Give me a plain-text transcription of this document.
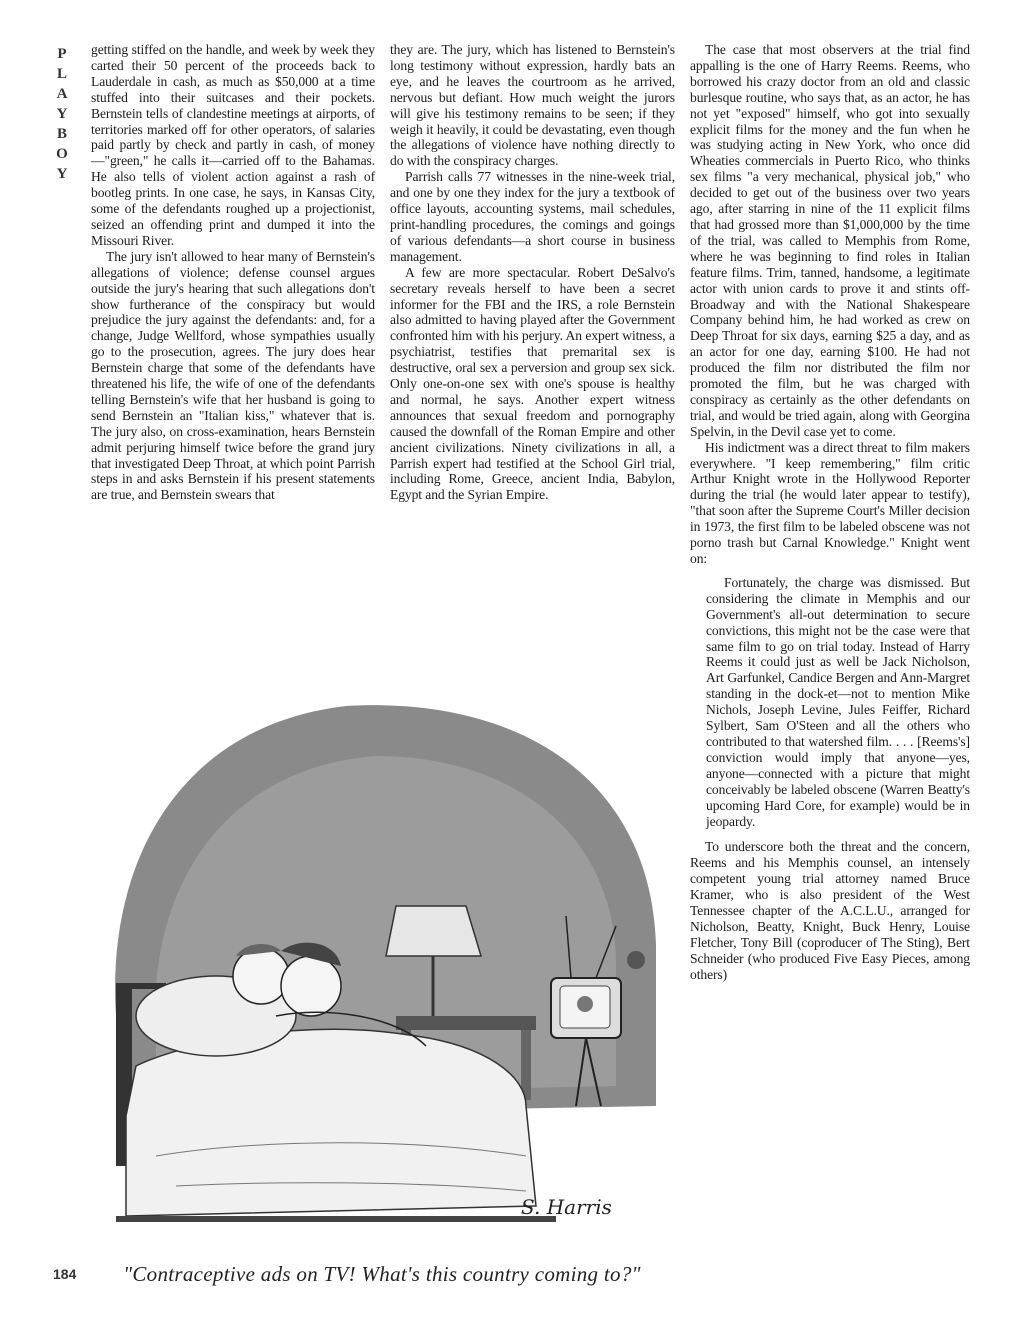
P
L
A
Y
B
O
Y

getting stiffed on the handle, and week by week they carted their 50 percent of the proceeds back to Lauderdale in cash, as much as $50,000 at a time stuffed into their suitcases and their pockets. Bernstein tells of clandestine meetings at airports, of territories marked off for other operators, of salaries paid partly by check and partly in cash, of money—"green," he calls it—carried off to the Bahamas. He also tells of violent action against a rash of bootleg prints. In one case, he says, in Kansas City, some of the defendants roughed up a projectionist, seized an offending print and dumped it into the Missouri River.

The jury isn't allowed to hear many of Bernstein's allegations of violence; defense counsel argues outside the jury's hearing that such allegations don't show furtherance of the conspiracy but would prejudice the jury against the defendants: and, for a change, Judge Wellford, whose sympathies usually go to the prosecution, agrees. The jury does hear Bernstein charge that some of the defendants have threatened his life, the wife of one of the defendants telling Bernstein's wife that her husband is going to send Bernstein an "Italian kiss," whatever that is. The jury also, on cross-examination, hears Bernstein admit perjuring himself twice before the grand jury that investigated Deep Throat, at which point Parrish steps in and asks Bernstein if his present statements are true, and Bernstein swears that

they are. The jury, which has listened to Bernstein's long testimony without expression, hardly bats an eye, and he leaves the courtroom as he arrived, nervous but defiant. How much weight the jurors will give his testimony remains to be seen; if they weigh it heavily, it could be devastating, even though the allegations of violence have nothing directly to do with the conspiracy charges.

Parrish calls 77 witnesses in the nine-week trial, and one by one they index for the jury a textbook of office layouts, accounting systems, mail schedules, print-handling procedures, the comings and goings of various defendants—a short course in business management.

A few are more spectacular. Robert DeSalvo's secretary reveals herself to have been a secret informer for the FBI and the IRS, a role Bernstein also admitted to having played after the Government confronted him with his perjury. An expert witness, a psychiatrist, testifies that premarital sex is destructive, oral sex a perversion and group sex sick. Only one-on-one sex with one's spouse is healthy and normal, he says. Another expert witness announces that sexual freedom and pornography caused the downfall of the Roman Empire and other ancient civilizations. Ninety civilizations in all, a Parrish expert had testified at the School Girl trial, including Rome, Greece, ancient India, Babylon, Egypt and the Syrian Empire.

The case that most observers at the trial find appalling is the one of Harry Reems. Reems, who borrowed his crazy doctor from an old and classic burlesque routine, who says that, as an actor, he has not yet "exposed" himself, who got into sexually explicit films for the money and the fun when he was studying acting in New York, who once did Wheaties commercials in Puerto Rico, who thinks sex films "a very mechanical, physical job," who decided to get out of the business over two years ago, after starring in nine of the 11 explicit films that had grossed more than $1,000,000 by the time of the trial, was called to Memphis from Rome, where he was beginning to find roles in Italian feature films. Trim, tanned, handsome, a legitimate actor with union cards to prove it and stints off-Broadway and with the National Shakespeare Company behind him, he had worked as crew on Deep Throat for six days, earning $25 a day, and as an actor for one day, earning $100. He had not produced the film nor distributed the film nor promoted the film, but he was charged with conspiracy as certainly as the other defendants on trial, and would be tried again, along with Georgina Spelvin, in the Devil case yet to come.

His indictment was a direct threat to film makers everywhere. "I keep remembering," film critic Arthur Knight wrote in the Hollywood Reporter during the trial (he would later appear to testify), "that soon after the Supreme Court's Miller decision in 1973, the first film to be labeled obscene was not porno trash but Carnal Knowledge." Knight went on:

Fortunately, the charge was dismissed. But considering the climate in Memphis and our Government's all-out determination to secure convictions, this might not be the case were that same film to go on trial today. Instead of Harry Reems it could just as well be Jack Nicholson, Art Garfunkel, Candice Bergen and Ann-Margret standing in the dock-et—not to mention Mike Nichols, Joseph Levine, Jules Feiffer, Richard Sylbert, Sam O'Steen and all the others who contributed to that watershed film. . . . [Reems's] conviction would imply that anyone—yes, anyone—connected with a picture that might conceivably be labeled obscene (Warren Beatty's upcoming Hard Core, for example) would be in jeopardy.

To underscore both the threat and the concern, Reems and his Memphis counsel, an intensely competent young trial attorney named Bruce Kramer, who is also president of the West Tennessee chapter of the A.C.L.U., arranged for Nicholson, Beatty, Knight, Buck Henry, Louise Fletcher, Tony Bill (coproducer of The Sting), Bert Schneider (who produced Five Easy Pieces, among others)

S. Harris
"Contraceptive ads on TV! What's this country coming to?"
184
